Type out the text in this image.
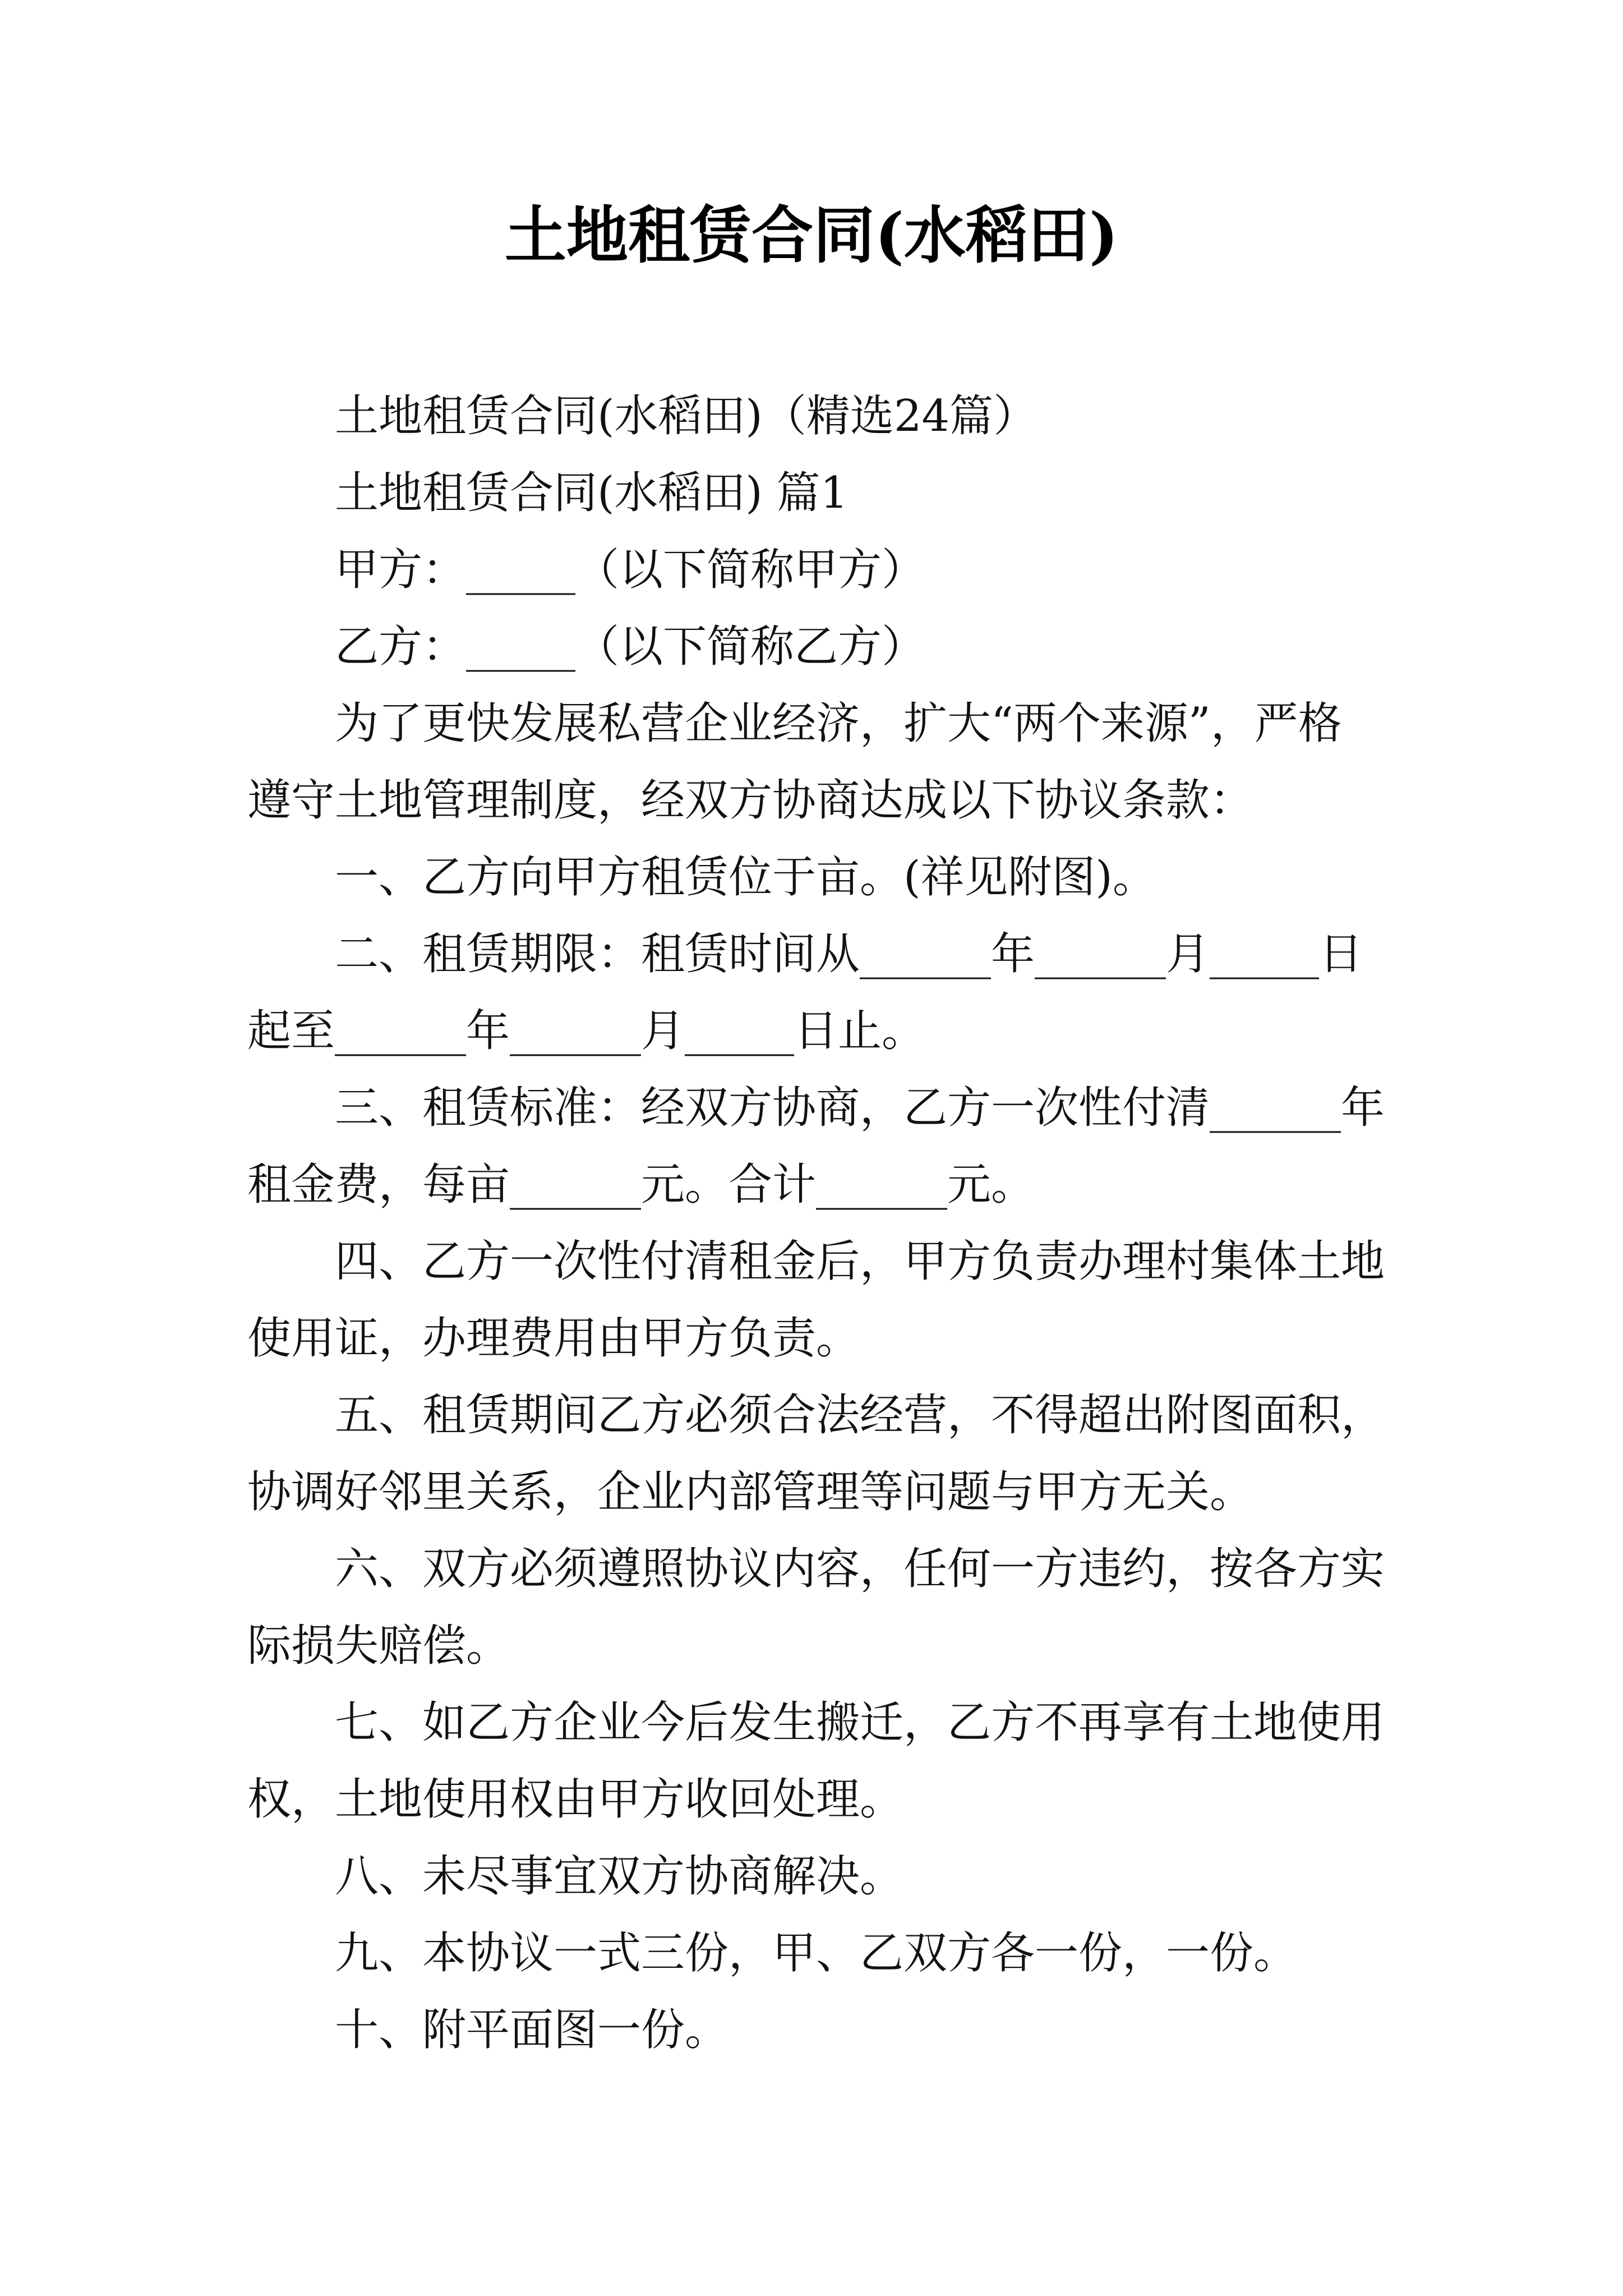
土地租赁合同(水稻田)

土地租赁合同(水稻田)（精选24篇）

土地租赁合同(水稻田) 篇1

甲方：_____（以下简称甲方）

乙方：_____（以下简称乙方）

为了更快发展私营企业经济，扩大“两个来源”，严格
遵守土地管理制度，经双方协商达成以下协议条款：

一、乙方向甲方租赁位于亩。(祥见附图)。

二、租赁期限：租赁时间从______年______月_____日
起至______年______月_____日止。

三、租赁标准：经双方协商，乙方一次性付清______年
租金费，每亩______元。合计______元。

四、乙方一次性付清租金后，甲方负责办理村集体土地
使用证，办理费用由甲方负责。

五、租赁期间乙方必须合法经营，不得超出附图面积，
协调好邻里关系，企业内部管理等问题与甲方无关。

六、双方必须遵照协议内容，任何一方违约，按各方实
际损失赔偿。

七、如乙方企业今后发生搬迁，乙方不再享有土地使用
权，土地使用权由甲方收回处理。

八、未尽事宜双方协商解决。

九、本协议一式三份，甲、乙双方各一份，一份。

十、附平面图一份。
